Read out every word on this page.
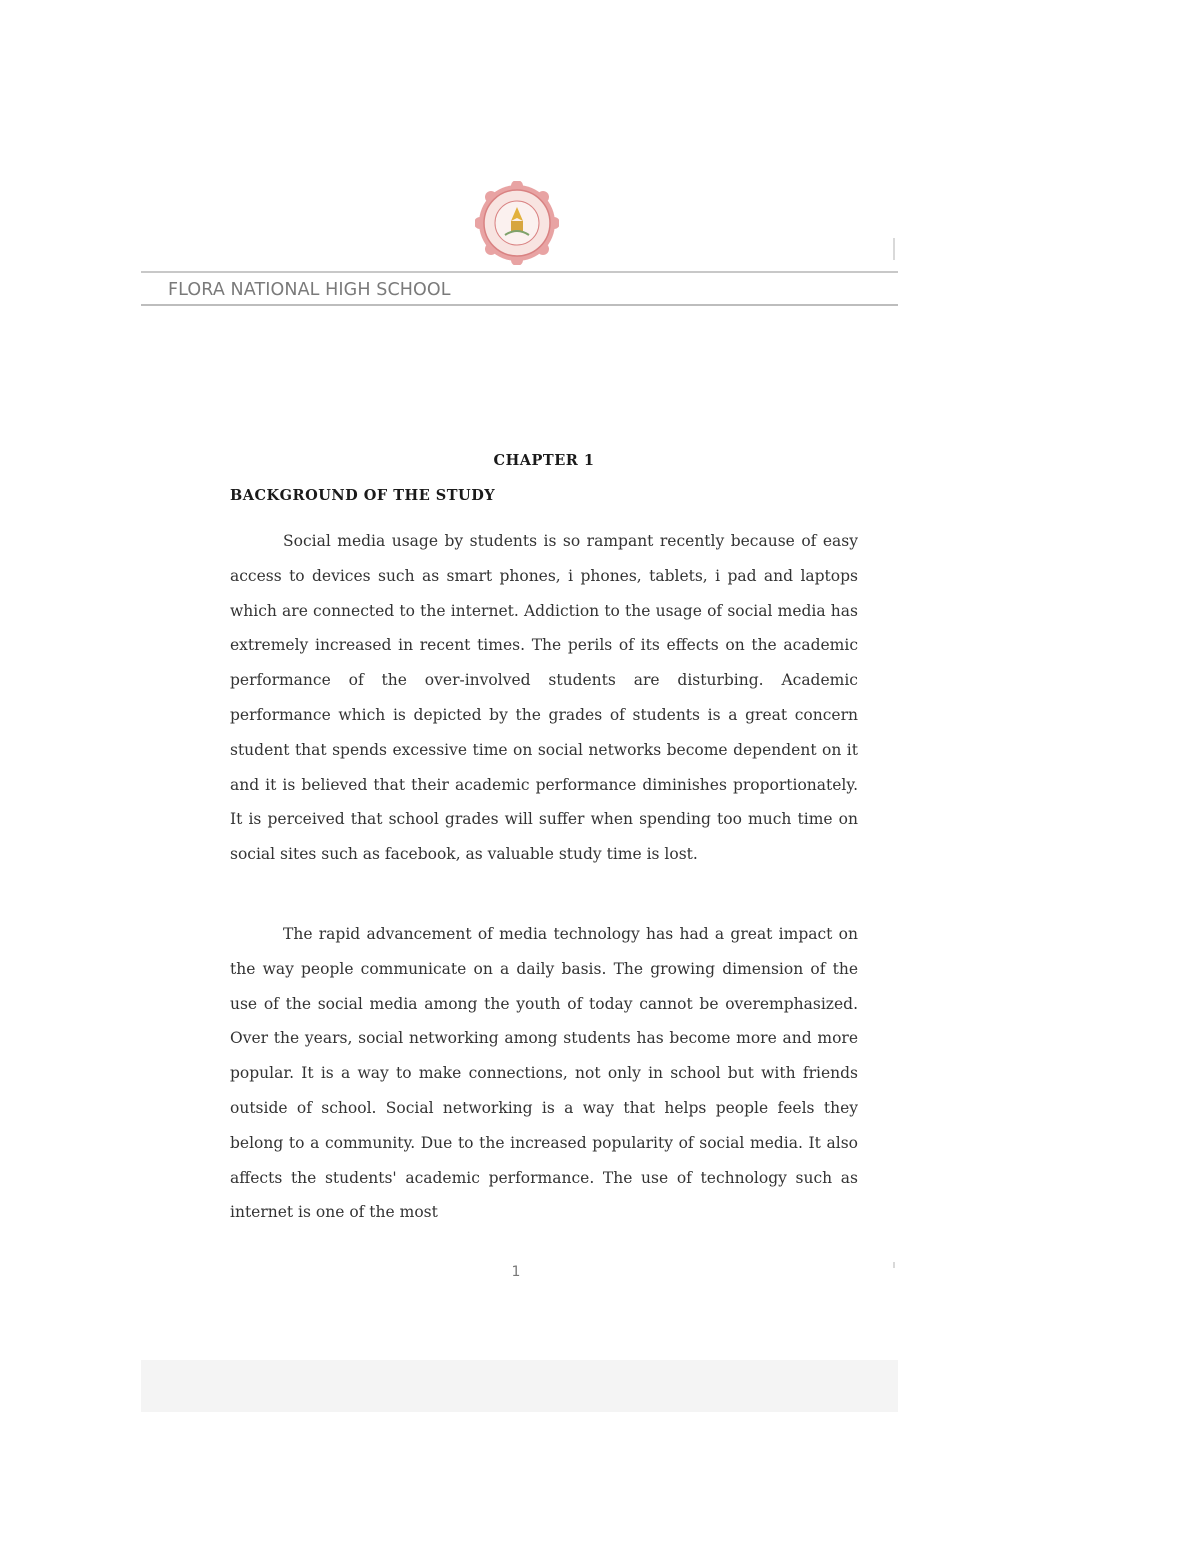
FLORA NATIONAL HIGH SCHOOL
CHAPTER 1
BACKGROUND OF THE STUDY

Social media usage by students is so rampant recently because of easy access to devices such as smart phones, i phones, tablets, i pad and laptops which are connected to the internet. Addiction to the usage of social media has extremely increased in recent times. The perils of its effects on the academic performance of the over-involved students are disturbing. Academic performance which is depicted by the grades of students is a great concern student that spends excessive time on social networks become dependent on it and it is believed that their academic performance diminishes proportionately. It is perceived that school grades will suffer when spending too much time on social sites such as facebook, as valuable study time is lost.

The rapid advancement of media technology has had a great impact on the way people communicate on a daily basis. The growing dimension of the use of the social media among the youth of today cannot be overemphasized. Over the years, social networking among students has become more and more popular. It is a way to make connections, not only in school but with friends outside of school. Social networking is a way that helps people feels they belong to a community. Due to the increased popularity of social media. It also affects the students' academic performance. The use of technology such as internet is one of the most

1
